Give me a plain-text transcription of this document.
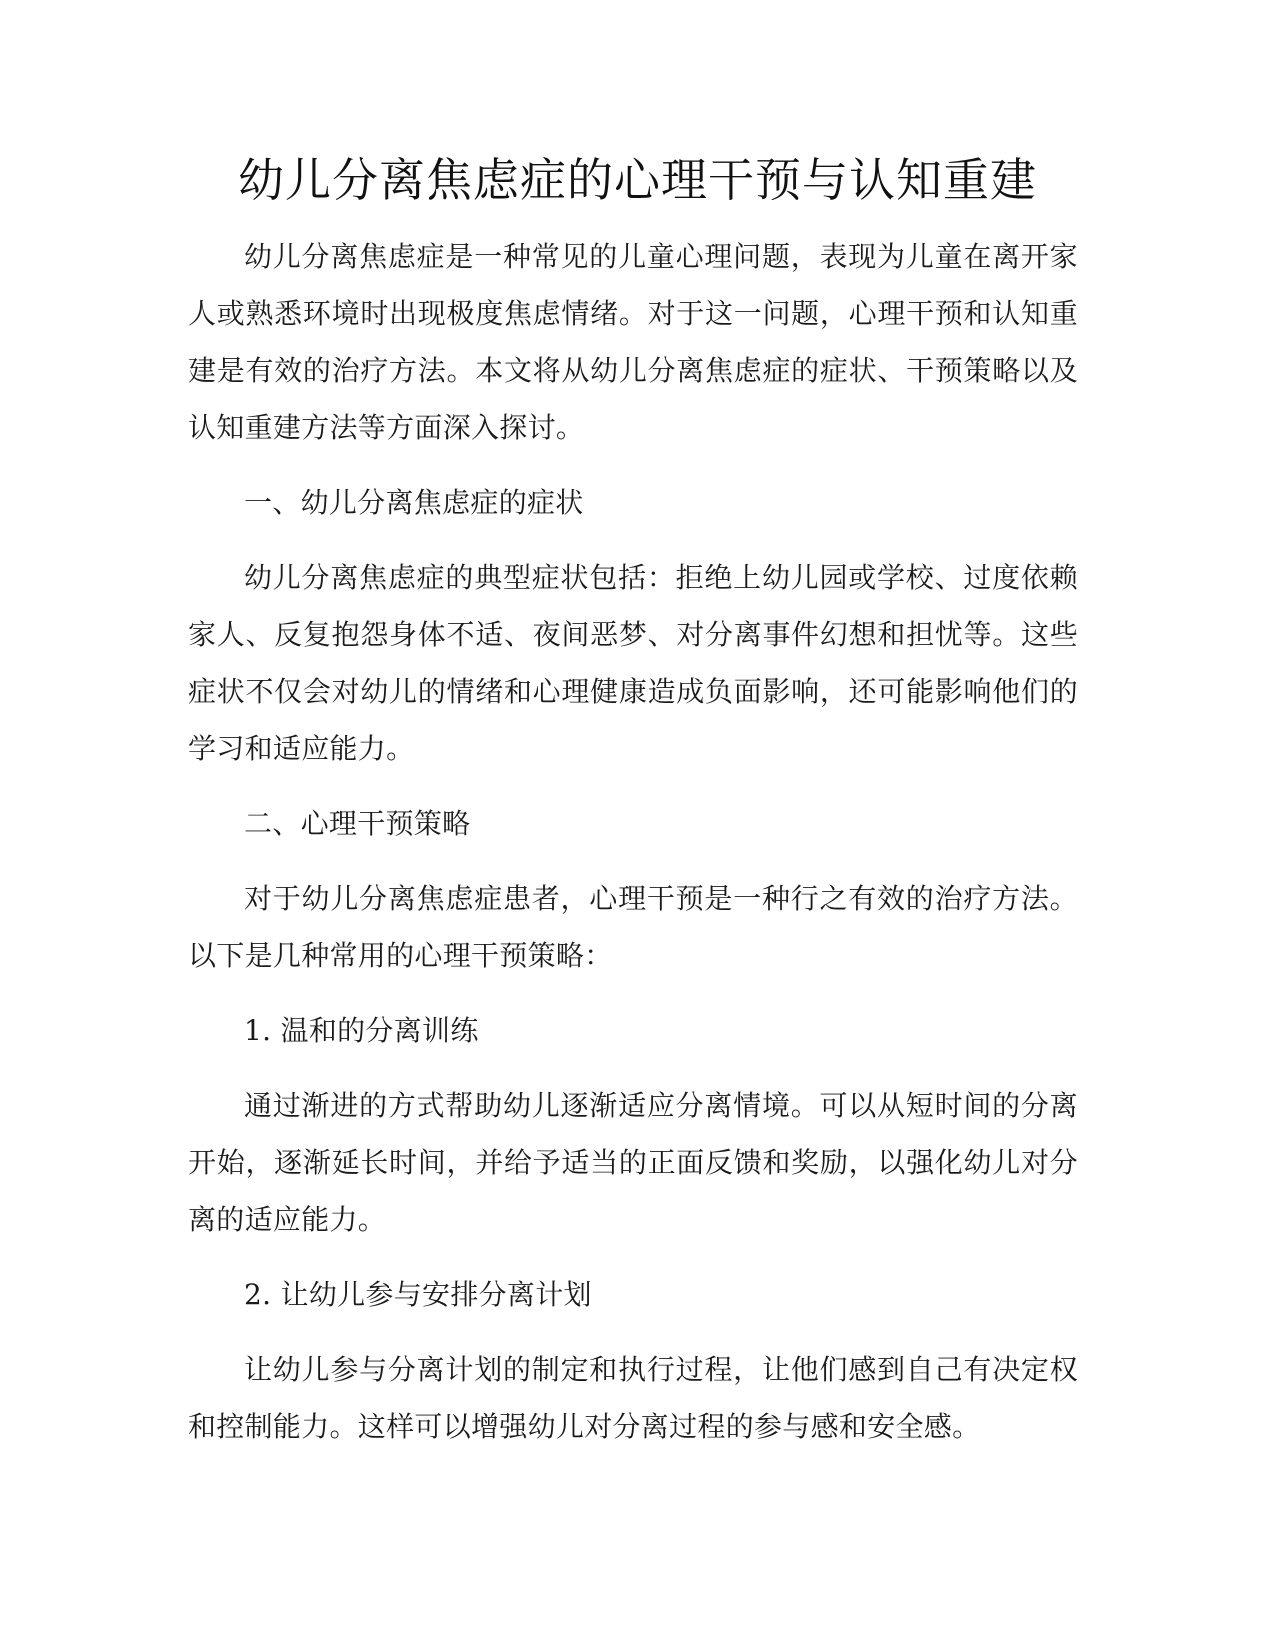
幼儿分离焦虑症的心理干预与认知重建

幼儿分离焦虑症是一种常见的儿童心理问题，表现为儿童在离开家人或熟悉环境时出现极度焦虑情绪。对于这一问题，心理干预和认知重建是有效的治疗方法。本文将从幼儿分离焦虑症的症状、干预策略以及认知重建方法等方面深入探讨。

一、幼儿分离焦虑症的症状

幼儿分离焦虑症的典型症状包括：拒绝上幼儿园或学校、过度依赖家人、反复抱怨身体不适、夜间恶梦、对分离事件幻想和担忧等。这些症状不仅会对幼儿的情绪和心理健康造成负面影响，还可能影响他们的学习和适应能力。

二、心理干预策略

对于幼儿分离焦虑症患者，心理干预是一种行之有效的治疗方法。以下是几种常用的心理干预策略：

1. 温和的分离训练

通过渐进的方式帮助幼儿逐渐适应分离情境。可以从短时间的分离开始，逐渐延长时间，并给予适当的正面反馈和奖励，以强化幼儿对分离的适应能力。

2. 让幼儿参与安排分离计划

让幼儿参与分离计划的制定和执行过程，让他们感到自己有决定权和控制能力。这样可以增强幼儿对分离过程的参与感和安全感。
